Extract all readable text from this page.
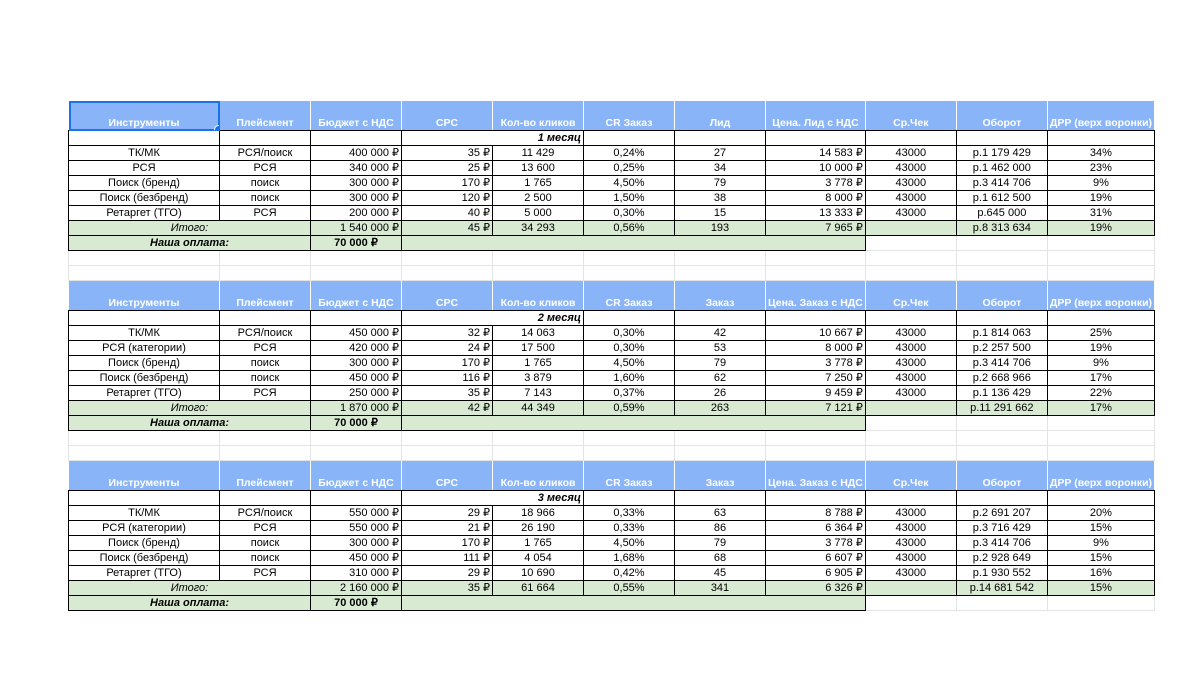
Инструменты	Плейсмент	Бюджет с НДС	CPC	Кол-во кликов	CR Заказ	Лид	Цена. Лид с НДС	Ср.Чек	Оборот	ДРР (верх воронки)
			1 месяц							
ТК/МК	РСЯ/поиск	400 000 ₽	35 ₽	11 429	0,24%	27	14 583 ₽	43000	р.1 179 429	34%
РСЯ	РСЯ	340 000 ₽	25 ₽	13 600	0,25%	34	10 000 ₽	43000	р.1 462 000	23%
Поиск (бренд)	поиск	300 000 ₽	170 ₽	1 765	4,50%	79	3 778 ₽	43000	р.3 414 706	9%
Поиск (безбренд)	поиск	300 000 ₽	120 ₽	2 500	1,50%	38	8 000 ₽	43000	р.1 612 500	19%
Ретаргет (ТГО)	РСЯ	200 000 ₽	40 ₽	5 000	0,30%	15	13 333 ₽	43000	р.645 000	31%
Итого:		1 540 000 ₽	45 ₽	34 293	0,56%	193	7 965 ₽		р.8 313 634	19%
Наша оплата:		70 000 ₽								

Инструменты	Плейсмент	Бюджет с НДС	CPC	Кол-во кликов	CR Заказ	Заказ	Цена. Заказ с НДС	Ср.Чек	Оборот	ДРР (верх воронки)
			2 месяц							
ТК/МК	РСЯ/поиск	450 000 ₽	32 ₽	14 063	0,30%	42	10 667 ₽	43000	р.1 814 063	25%
РСЯ (категории)	РСЯ	420 000 ₽	24 ₽	17 500	0,30%	53	8 000 ₽	43000	р.2 257 500	19%
Поиск (бренд)	поиск	300 000 ₽	170 ₽	1 765	4,50%	79	3 778 ₽	43000	р.3 414 706	9%
Поиск (безбренд)	поиск	450 000 ₽	116 ₽	3 879	1,60%	62	7 250 ₽	43000	р.2 668 966	17%
Ретаргет (ТГО)	РСЯ	250 000 ₽	35 ₽	7 143	0,37%	26	9 459 ₽	43000	р.1 136 429	22%
Итого:		1 870 000 ₽	42 ₽	44 349	0,59%	263	7 121 ₽		р.11 291 662	17%
Наша оплата:		70 000 ₽								

Инструменты	Плейсмент	Бюджет с НДС	CPC	Кол-во кликов	CR Заказ	Заказ	Цена. Заказ с НДС	Ср.Чек	Оборот	ДРР (верх воронки)
			3 месяц							
ТК/МК	РСЯ/поиск	550 000 ₽	29 ₽	18 966	0,33%	63	8 788 ₽	43000	р.2 691 207	20%
РСЯ (категории)	РСЯ	550 000 ₽	21 ₽	26 190	0,33%	86	6 364 ₽	43000	р.3 716 429	15%
Поиск (бренд)	поиск	300 000 ₽	170 ₽	1 765	4,50%	79	3 778 ₽	43000	р.3 414 706	9%
Поиск (безбренд)	поиск	450 000 ₽	111 ₽	4 054	1,68%	68	6 607 ₽	43000	р.2 928 649	15%
Ретаргет (ТГО)	РСЯ	310 000 ₽	29 ₽	10 690	0,42%	45	6 905 ₽	43000	р.1 930 552	16%
Итого:		2 160 000 ₽	35 ₽	61 664	0,55%	341	6 326 ₽		р.14 681 542	15%
Наша оплата:		70 000 ₽								
